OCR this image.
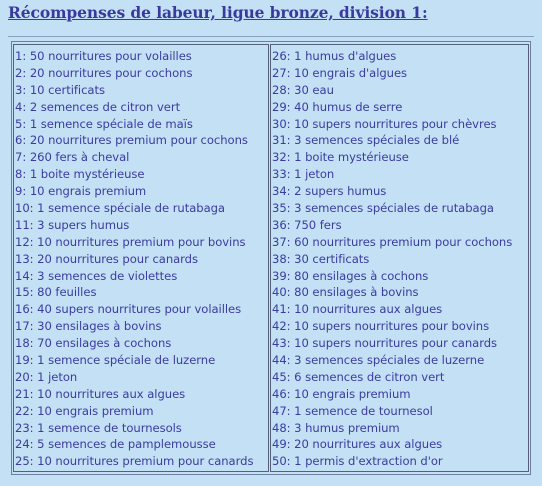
Récompenses de labeur, ligue bronze, division 1:
1: 50 nourritures pour volailles
2: 20 nourritures pour cochons
3: 10 certificats
4: 2 semences de citron vert
5: 1 semence spéciale de maïs
6: 20 nourritures premium pour cochons
7: 260 fers à cheval
8: 1 boite mystérieuse
9: 10 engrais premium
10: 1 semence spéciale de rutabaga
11: 3 supers humus
12: 10 nourritures premium pour bovins
13: 20 nourritures pour canards
14: 3 semences de violettes
15: 80 feuilles
16: 40 supers nourritures pour volailles
17: 30 ensilages à bovins
18: 70 ensilages à cochons
19: 1 semence spéciale de luzerne
20: 1 jeton
21: 10 nourritures aux algues
22: 10 engrais premium
23: 1 semence de tournesols
24: 5 semences de pamplemousse
25: 10 nourritures premium pour canards
26: 1 humus d'algues
27: 10 engrais d'algues
28: 30 eau
29: 40 humus de serre
30: 10 supers nourritures pour chèvres
31: 3 semences spéciales de blé
32: 1 boite mystérieuse
33: 1 jeton
34: 2 supers humus
35: 3 semences spéciales de rutabaga
36: 750 fers
37: 60 nourritures premium pour cochons
38: 30 certificats
39: 80 ensilages à cochons
40: 80 ensilages à bovins
41: 10 nourritures aux algues
42: 10 supers nourritures pour bovins
43: 10 supers nourritures pour canards
44: 3 semences spéciales de luzerne
45: 6 semences de citron vert
46: 10 engrais premium
47: 1 semence de tournesol
48: 3 humus premium
49: 20 nourritures aux algues
50: 1 permis d'extraction d'or
